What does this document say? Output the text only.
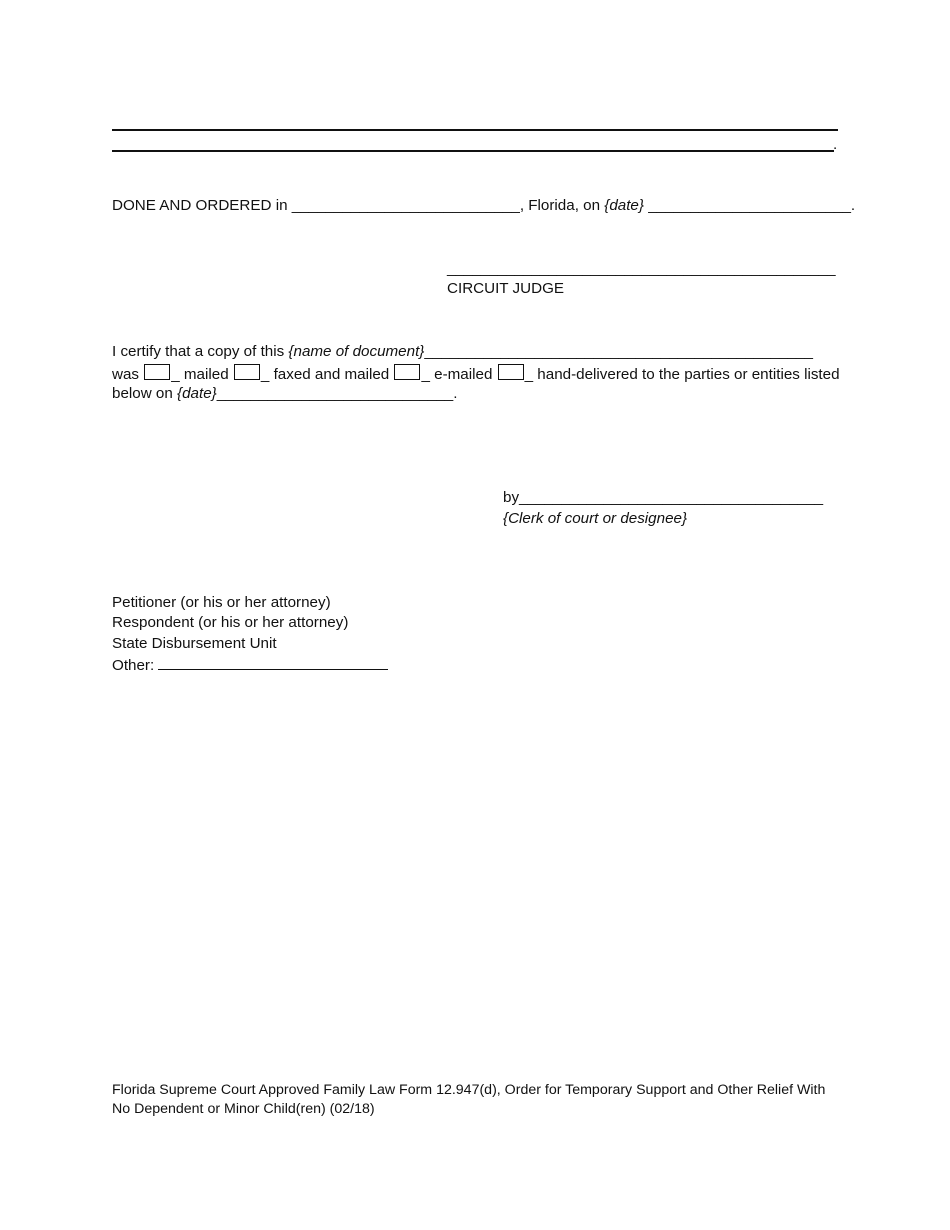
.
DONE AND ORDERED in ___________________________, Florida, on {date} ________________________.
______________________________________________
CIRCUIT JUDGE
I certify that a copy of this {name of document}______________________________________________
was _ mailed _ faxed and mailed _ e-mailed _ hand-delivered to the parties or entities listed
below on {date}____________________________.
by____________________________________
{Clerk of court or designee}
Petitioner (or his or her attorney)
Respondent (or his or her attorney)
State Disbursement Unit
Other:
Florida Supreme Court Approved Family Law Form 12.947(d), Order for Temporary Support and Other Relief With No Dependent or Minor Child(ren) (02/18)
